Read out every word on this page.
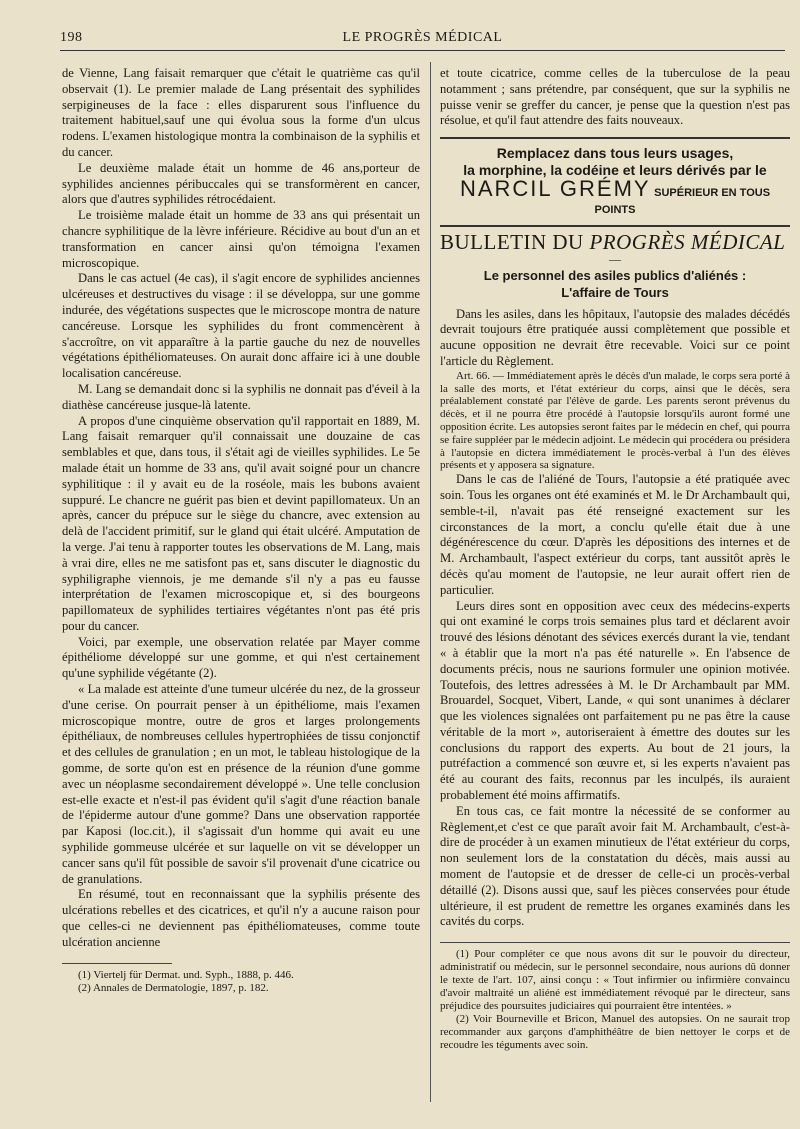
198	LE PROGRÈS MÉDICAL

de Vienne, Lang faisait remarquer que c'était le quatrième cas qu'il observait (1). Le premier malade de Lang présentait des syphilides serpigineuses de la face : elles disparurent sous l'influence du traitement habituel,sauf une qui évolua sous la forme d'un ulcus rodens. L'examen histologique montra la combinaison de la syphilis et du cancer.

Le deuxième malade était un homme de 46 ans,porteur de syphilides anciennes péribuccales qui se transformèrent en cancer, alors que d'autres syphilides rétrocédaient.

Le troisième malade était un homme de 33 ans qui présentait un chancre syphilitique de la lèvre inférieure. Récidive au bout d'un an et transformation en cancer ainsi qu'on témoigna l'examen microscopique.

Dans le cas actuel (4e cas), il s'agit encore de syphilides anciennes ulcéreuses et destructives du visage : il se développa, sur une gomme indurée, des végétations suspectes que le microscope montra de nature cancéreuse. Lorsque les syphilides du front commencèrent à s'accroître, on vit apparaître à la partie gauche du nez de nouvelles végétations épithéliomateuses. On aurait donc affaire ici à une double localisation cancéreuse.

M. Lang se demandait donc si la syphilis ne donnait pas d'éveil à la diathèse cancéreuse jusque-là latente.

A propos d'une cinquième observation qu'il rapportait en 1889, M. Lang faisait remarquer qu'il connaissait une douzaine de cas semblables et que, dans tous, il s'était agi de vieilles syphilides. Le 5e malade était un homme de 33 ans, qu'il avait soigné pour un chancre syphilitique : il y avait eu de la roséole, mais les bubons avaient suppuré. Le chancre ne guérit pas bien et devint papillomateux. Un an après, cancer du prépuce sur le siège du chancre, avec extension au delà de l'accident primitif, sur le gland qui était ulcéré. Amputation de la verge. J'ai tenu à rapporter toutes les observations de M. Lang, mais à vrai dire, elles ne me satisfont pas et, sans discuter le diagnostic du syphiligraphe viennois, je me demande s'il n'y a pas eu fausse interprétation de l'examen microscopique et, si des bourgeons papillomateux de syphilides tertiaires végétantes n'ont pas été pris pour du cancer.

Voici, par exemple, une observation relatée par Mayer comme épithéliome développé sur une gomme, et qui n'est certainement qu'une syphilide végétante (2).

« La malade est atteinte d'une tumeur ulcérée du nez, de la grosseur d'une cerise. On pourrait penser à un épithéliome, mais l'examen microscopique montre, outre de gros et larges prolongements épithéliaux, de nombreuses cellules hypertrophiées de tissu conjonctif et des cellules de granulation ; en un mot, le tableau histologique de la gomme, de sorte qu'on est en présence de la réunion d'une gomme avec un néoplasme secondairement développé ». Une telle conclusion est-elle exacte et n'est-il pas évident qu'il s'agit d'une réaction banale de l'épiderme autour d'une gomme? Dans une observation rapportée par Kaposi (loc.cit.), il s'agissait d'un homme qui avait eu une syphilide gommeuse ulcérée et sur laquelle on vit se développer un cancer sans qu'il fût possible de savoir s'il provenait d'une cicatrice ou de granulations.

En résumé, tout en reconnaissant que la syphilis présente des ulcérations rebelles et des cicatrices, et qu'il n'y a aucune raison pour que celles-ci ne deviennent pas épithéliomateuses, comme toute ulcération ancienne

(1) Viertelj für Dermat. und. Syph., 1888, p. 446.

(2) Annales de Dermatologie, 1897, p. 182.

et toute cicatrice, comme celles de la tuberculose de la peau notamment ; sans prétendre, par conséquent, que sur la syphilis ne puisse venir se greffer du cancer, je pense que la question n'est pas résolue, et qu'il faut attendre des faits nouveaux.

Remplacez dans tous leurs usages,
la morphine, la codéine et leurs dérivés par le
NARCIL GRÉMY SUPÉRIEUR EN TOUS POINTS
BULLETIN DU PROGRÈS MÉDICAL
—
Le personnel des asiles publics d'aliénés :
L'affaire de Tours

Dans les asiles, dans les hôpitaux, l'autopsie des malades décédés devrait toujours être pratiquée aussi complètement que possible et aucune opposition ne devrait être recevable. Voici sur ce point l'article du Règlement.

Art. 66. — Immédiatement après le décès d'un malade, le corps sera porté à la salle des morts, et l'état extérieur du corps, ainsi que le décès, sera préalablement constaté par l'élève de garde. Les parents seront prévenus du décès, et il ne pourra être procédé à l'autopsie lorsqu'ils auront formé une opposition écrite. Les autopsies seront faites par le médecin en chef, qui pourra se faire suppléer par le médecin adjoint. Le médecin qui procédera ou présidera à l'autopsie en dictera immédiatement le procès-verbal à l'un des élèves présents et y apposera sa signature.

Dans le cas de l'aliéné de Tours, l'autopsie a été pratiquée avec soin. Tous les organes ont été examinés et M. le Dr Archambault qui, semble-t-il, n'avait pas été renseigné exactement sur les circonstances de la mort, a conclu qu'elle était due à une dégénérescence du cœur. D'après les dépositions des internes et de M. Archambault, l'aspect extérieur du corps, tant aussitôt après le décès qu'au moment de l'autopsie, ne leur aurait offert rien de particulier.

Leurs dires sont en opposition avec ceux des médecins-experts qui ont examiné le corps trois semaines plus tard et déclarent avoir trouvé des lésions dénotant des sévices exercés durant la vie, tendant « à établir que la mort n'a pas été naturelle ». En l'absence de documents précis, nous ne saurions formuler une opinion motivée. Toutefois, des lettres adressées à M. le Dr Archambault par MM. Brouardel, Socquet, Vibert, Lande, « qui sont unanimes à déclarer que les violences signalées ont parfaitement pu ne pas être la cause véritable de la mort », autoriseraient à émettre des doutes sur les conclusions du rapport des experts. Au bout de 21 jours, la putréfaction a commencé son œuvre et, si les experts n'avaient pas été au courant des faits, reconnus par les inculpés, ils auraient probablement été moins affirmatifs.

En tous cas, ce fait montre la nécessité de se conformer au Règlement,et c'est ce que paraît avoir fait M. Archambault, c'est-à-dire de procéder à un examen minutieux de l'état extérieur du corps, non seulement lors de la constatation du décès, mais aussi au moment de l'autopsie et de dresser de celle-ci un procès-verbal détaillé (2). Disons aussi que, sauf les pièces conservées pour étude ultérieure, il est prudent de remettre les organes examinés dans les cavités du corps.

(1) Pour compléter ce que nous avons dit sur le pouvoir du directeur, administratif ou médecin, sur le personnel secondaire, nous aurions dû donner le texte de l'art. 107, ainsi conçu : « Tout infirmier ou infirmière convaincu d'avoir maltraité un aliéné est immédiatement révoqué par le directeur, sans préjudice des poursuites judiciaires qui pourraient être intentées. »

(2) Voir Bourneville et Bricon, Manuel des autopsies. On ne saurait trop recommander aux garçons d'amphithéâtre de bien nettoyer le corps et de recoudre les téguments avec soin.
